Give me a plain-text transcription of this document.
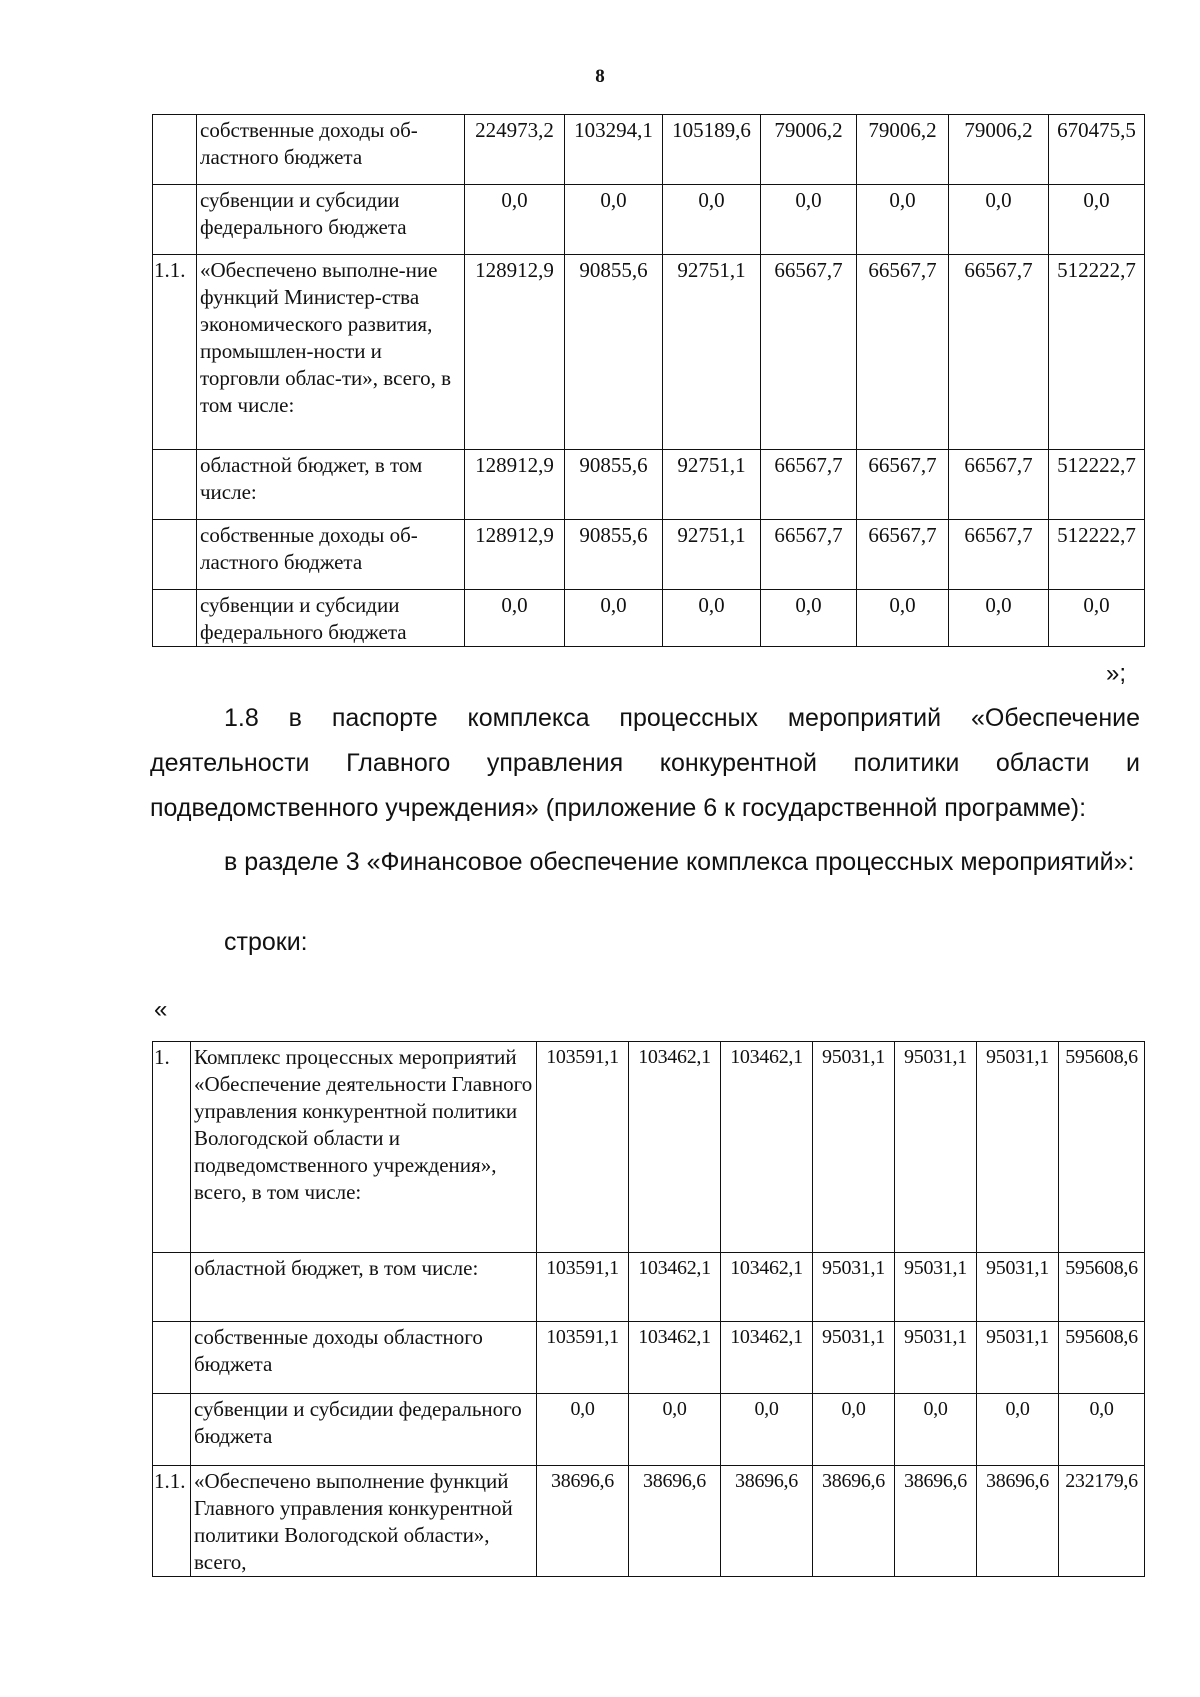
8
	собственные доходы об-ластного бюджета	224973,2	103294,1	105189,6	79006,2	79006,2	79006,2	670475,5
	субвенции и субсидии федерального бюджета	0,0	0,0	0,0	0,0	0,0	0,0	0,0
1.1.	«Обеспечено выполне-ние функций Министер-ства экономического развития, промышлен-ности и торговли облас-ти», всего, в том числе:	128912,9	90855,6	92751,1	66567,7	66567,7	66567,7	512222,7
	областной бюджет, в том числе:	128912,9	90855,6	92751,1	66567,7	66567,7	66567,7	512222,7
	собственные доходы об-ластного бюджета	128912,9	90855,6	92751,1	66567,7	66567,7	66567,7	512222,7
	субвенции и субсидии федерального бюджета	0,0	0,0	0,0	0,0	0,0	0,0	0,0
»;

1.8 в паспорте комплекса процессных мероприятий «Обеспечение деятельности Главного управления конкурентной политики области и подведомственного учреждения» (приложение 6 к государственной программе):

в разделе 3 «Финансовое обеспечение комплекса процессных мероприятий»:

строки:
«
1.	Комплекс процессных мероприятий «Обеспечение деятельности Главного управления конкурентной политики Вологодской области и подведомственного учреждения», всего, в том числе:	103591,1	103462,1	103462,1	95031,1	95031,1	95031,1	595608,6
	областной бюджет, в том числе:	103591,1	103462,1	103462,1	95031,1	95031,1	95031,1	595608,6
	собственные доходы областного бюджета	103591,1	103462,1	103462,1	95031,1	95031,1	95031,1	595608,6
	субвенции и субсидии федерального бюджета	0,0	0,0	0,0	0,0	0,0	0,0	0,0
1.1.	«Обеспечено выполнение функций Главного управления конкурентной политики Вологодской области», всего,	38696,6	38696,6	38696,6	38696,6	38696,6	38696,6	232179,6
